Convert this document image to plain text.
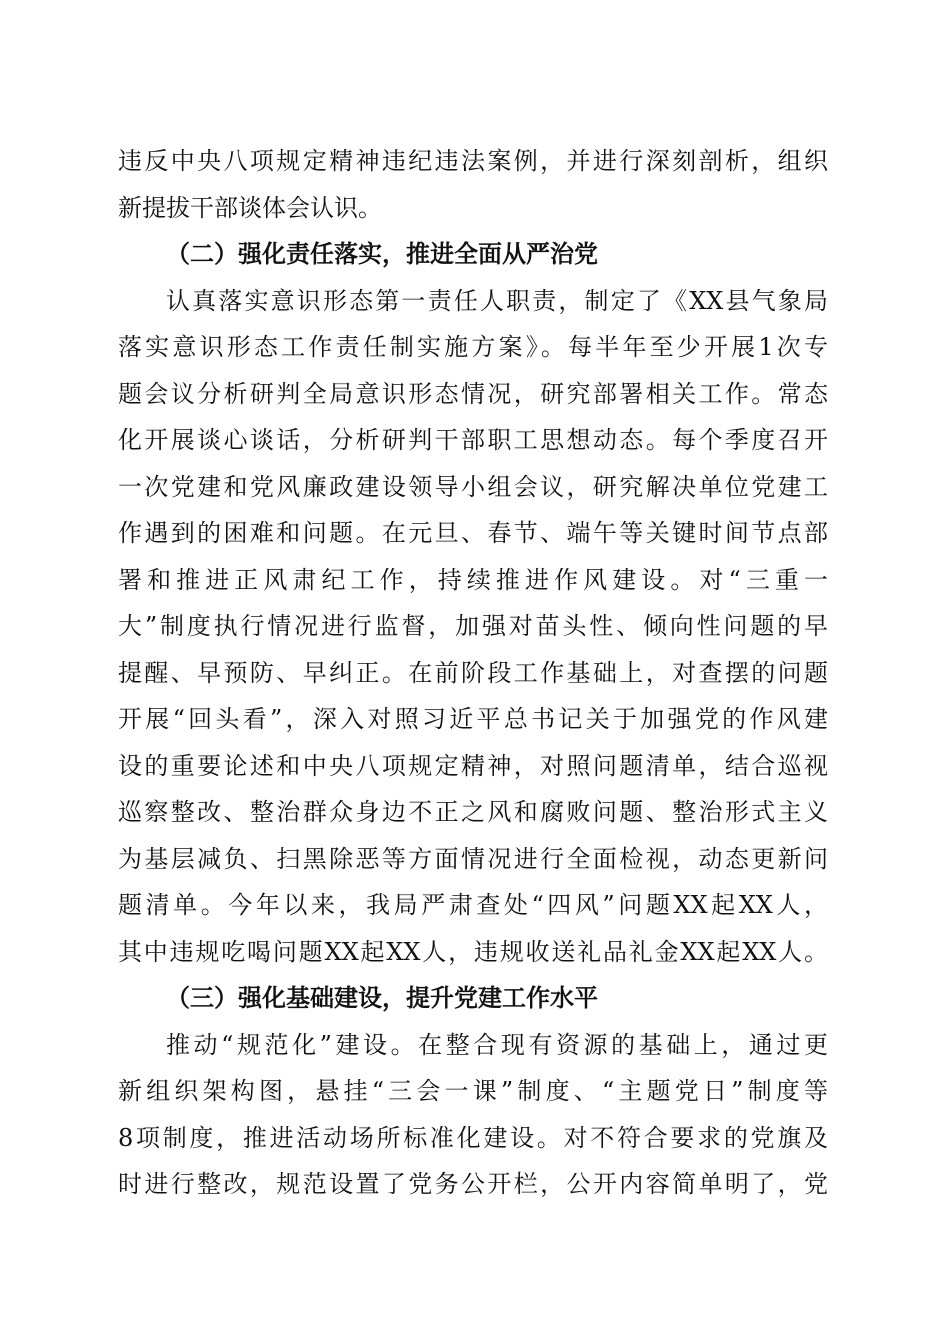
违反中央八项规定精神违纪违法案例，并进行深刻剖析，组织
新提拔干部谈体会认识。
（二）强化责任落实，推进全面从严治党
认真落实意识形态第一责任人职责，制定了《XX县气象局
落实意识形态工作责任制实施方案》。每半年至少开展1次专
题会议分析研判全局意识形态情况，研究部署相关工作。常态
化开展谈心谈话，分析研判干部职工思想动态。每个季度召开
一次党建和党风廉政建设领导小组会议，研究解决单位党建工
作遇到的困难和问题。在元旦、春节、端午等关键时间节点部
署和推进正风肃纪工作，持续推进作风建设。对“三重一
大”制度执行情况进行监督，加强对苗头性、倾向性问题的早
提醒、早预防、早纠正。在前阶段工作基础上，对查摆的问题
开展“回头看”，深入对照习近平总书记关于加强党的作风建
设的重要论述和中央八项规定精神，对照问题清单，结合巡视
巡察整改、整治群众身边不正之风和腐败问题、整治形式主义
为基层减负、扫黑除恶等方面情况进行全面检视，动态更新问
题清单。今年以来，我局严肃查处“四风”问题XX起XX人，
其中违规吃喝问题XX起XX人，违规收送礼品礼金XX起XX人。
（三）强化基础建设，提升党建工作水平
推动“规范化”建设。在整合现有资源的基础上，通过更
新组织架构图，悬挂“三会一课”制度、“主题党日”制度等
8项制度，推进活动场所标准化建设。对不符合要求的党旗及
时进行整改，规范设置了党务公开栏，公开内容简单明了，党
